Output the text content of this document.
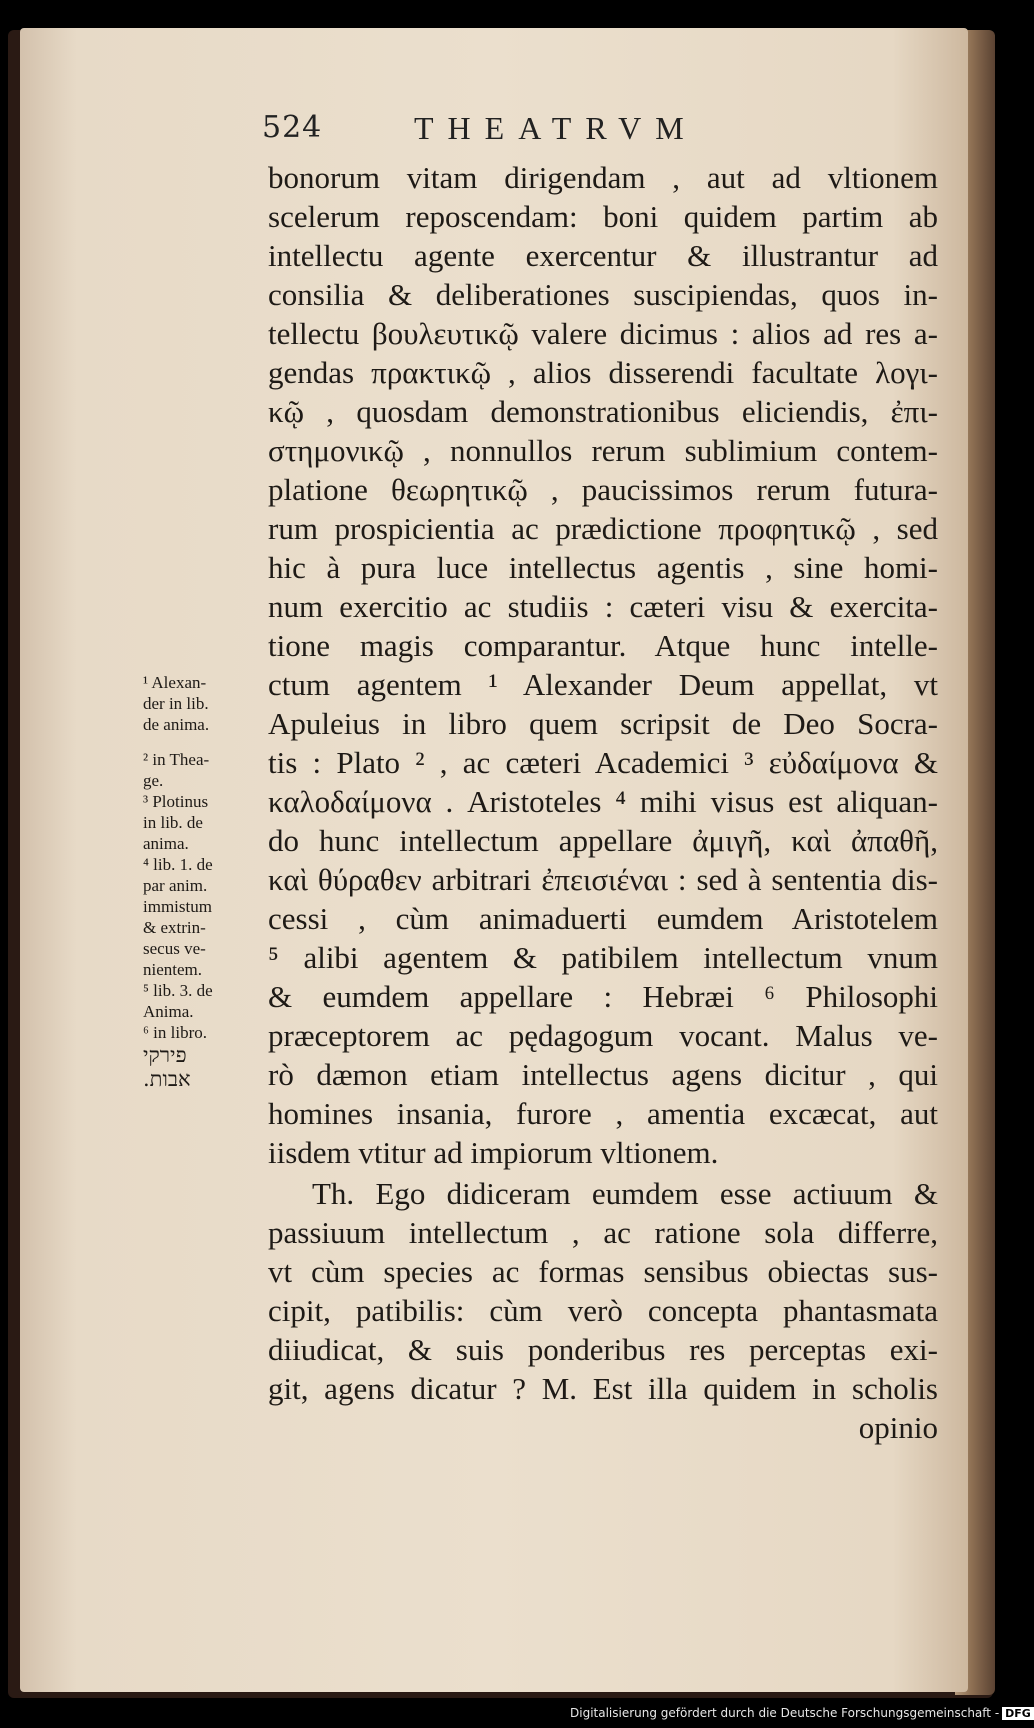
524	THEATRVM
bonorum vitam dirigendam , aut ad vltionem
scelerum reposcendam: boni quidem partim ab
intellectu agente exercentur & illustrantur ad
consilia & deliberationes suscipiendas, quos in-
tellectu βουλευτικῷ valere dicimus : alios ad res a-
gendas πρακτικῷ , alios disserendi facultate λογι-
κῷ , quosdam demonstrationibus eliciendis, ἐπι-
στημονικῷ , nonnullos rerum sublimium contem-
platione θεωρητικῷ , paucissimos rerum futura-
rum prospicientia ac prædictione προφητικῷ , sed
hic à pura luce intellectus agentis , sine homi-
num exercitio ac studiis : cæteri visu & exercita-
tione magis comparantur. Atque hunc intelle-
ctum agentem ¹ Alexander Deum appellat, vt
Apuleius in libro quem scripsit de Deo Socra-
tis : Plato ² , ac cæteri Academici ³ εὐδαίμονα &
καλοδαίμονα . Aristoteles ⁴ mihi visus est aliquan-
do hunc intellectum appellare ἀμιγῆ, καὶ ἀπαθῆ,
καὶ θύραθεν arbitrari ἐπεισιέναι : sed à sententia dis-
cessi , cùm animaduerti eumdem Aristotelem
⁵ alibi agentem & patibilem intellectum vnum
& eumdem appellare : Hebræi ⁶ Philosophi
præceptorem ac pędagogum vocant. Malus ve-
rò dæmon etiam intellectus agens dicitur , qui
homines insania, furore , amentia excæcat, aut
iisdem vtitur ad impiorum vltionem.
Th. Ego didiceram eumdem esse actiuum &
passiuum intellectum , ac ratione sola differre,
vt cùm species ac formas sensibus obiectas sus-
cipit, patibilis: cùm verò concepta phantasmata
diiudicat, & suis ponderibus res perceptas exi-
git, agens dicatur ? M. Est illa quidem in scholis
opinio
¹ Alexan-
der in lib.
de anima.
² in Thea-
ge.
³ Plotinus
in lib. de
anima.
⁴ lib. 1. de
par anim.
immistum
& extrin-
secus ve-
nientem.
⁵ lib. 3. de
Anima.
⁶ in libro.
פירקי
אבות.
Digitalisierung gefördert durch die Deutsche Forschungsgemeinschaft - DFG
